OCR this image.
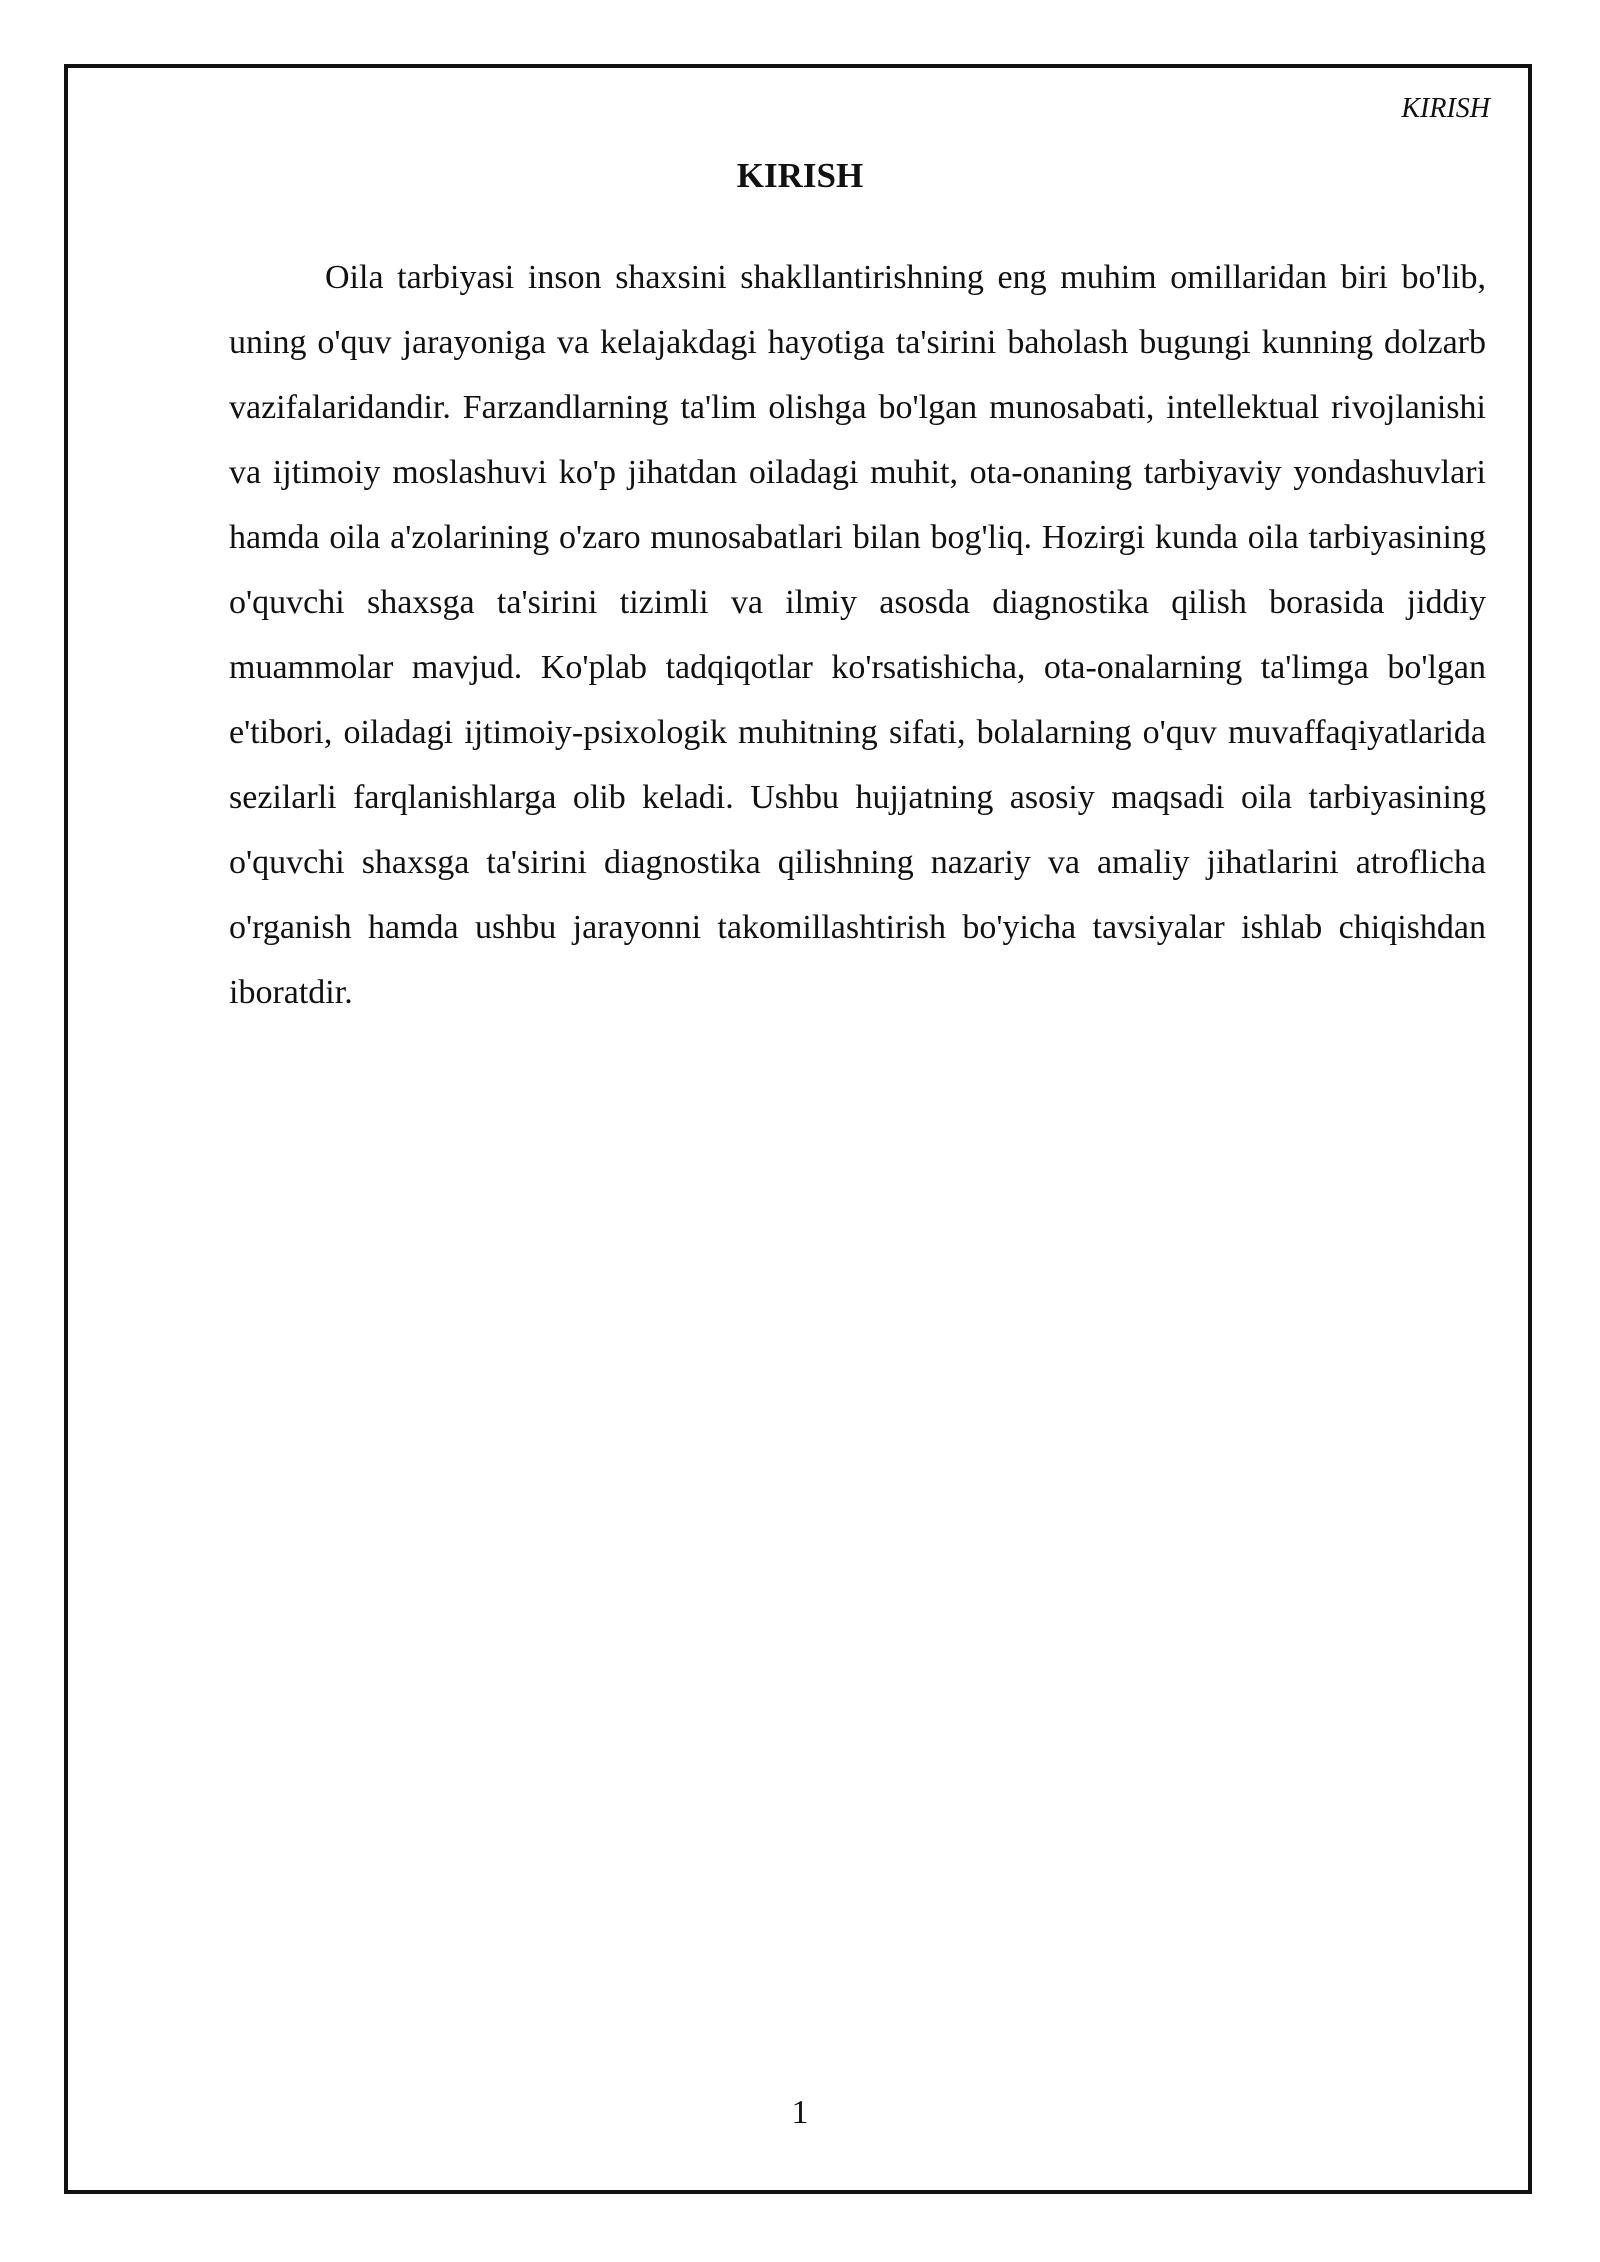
KIRISH
KIRISH

Oila tarbiyasi inson shaxsini shakllantirishning eng muhim omillaridan biri bo'lib, uning o'quv jarayoniga va kelajakdagi hayotiga ta'sirini baholash bugungi kunning dolzarb vazifalaridandir. Farzandlarning ta'lim olishga bo'lgan munosabati, intellektual rivojlanishi va ijtimoiy moslashuvi ko'p jihatdan oiladagi muhit, ota-onaning tarbiyaviy yondashuvlari hamda oila a'zolarining o'zaro munosabatlari bilan bog'liq. Hozirgi kunda oila tarbiyasining o'quvchi shaxsga ta'sirini tizimli va ilmiy asosda diagnostika qilish borasida jiddiy muammolar mavjud. Ko'plab tadqiqotlar ko'rsatishicha, ota-onalarning ta'limga bo'lgan e'tibori, oiladagi ijtimoiy-psixologik muhitning sifati, bolalarning o'quv muvaffaqiyatlarida sezilarli farqlanishlarga olib keladi. Ushbu hujjatning asosiy maqsadi oila tarbiyasining o'quvchi shaxsga ta'sirini diagnostika qilishning nazariy va amaliy jihatlarini atroflicha o'rganish hamda ushbu jarayonni takomillashtirish bo'yicha tavsiyalar ishlab chiqishdan iboratdir.

1
